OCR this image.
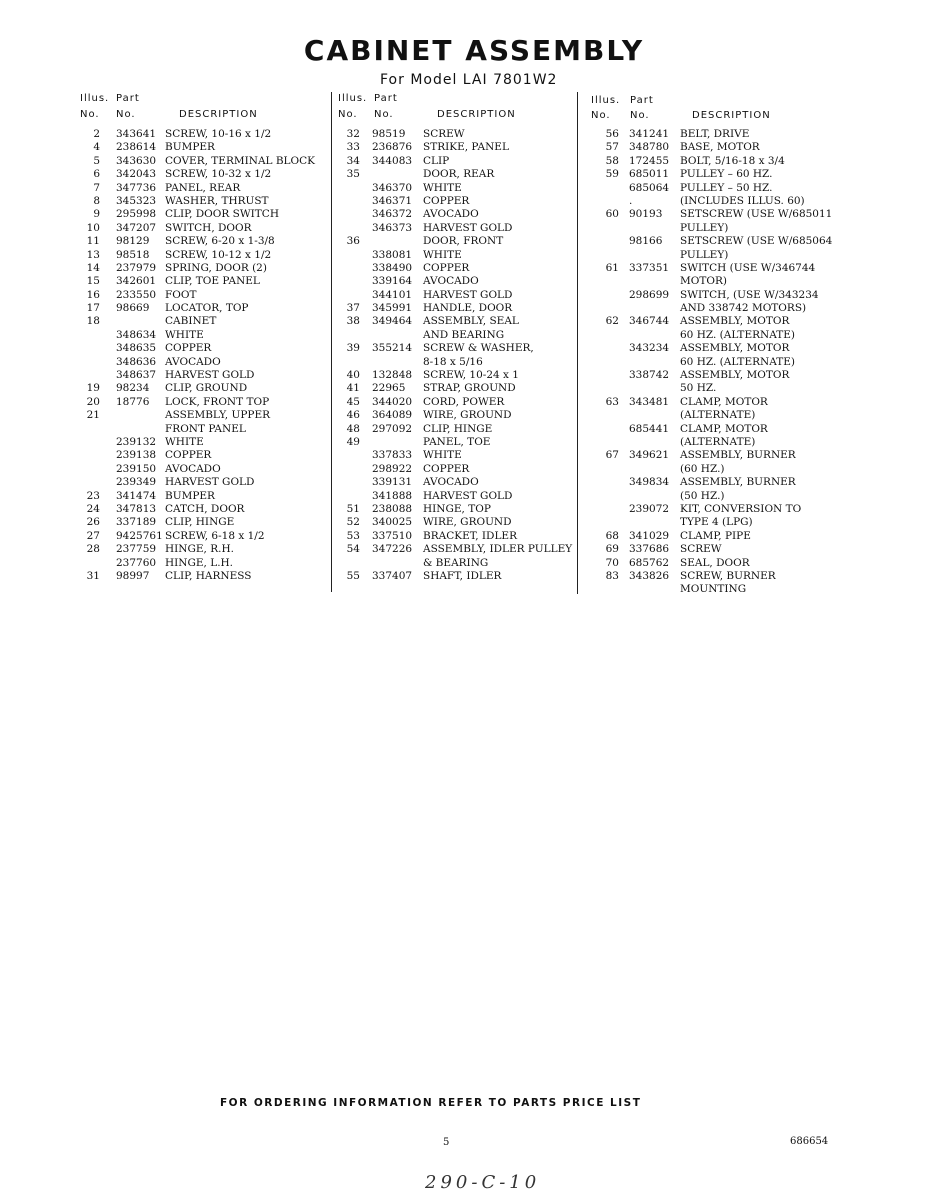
CABINET ASSEMBLY
For Model LAI 7801W2
Illus.
No.
Part
No.	DESCRIPTION
2 343641 SCREW, 10-16 x 1/2
4 238614 BUMPER
5 343630 COVER, TERMINAL BLOCK
6 342043 SCREW, 10-32 x 1/2
7 347736 PANEL, REAR
8 345323 WASHER, THRUST
9 295998 CLIP, DOOR SWITCH
10 347207 SWITCH, DOOR
11 98129 SCREW, 6-20 x 1-3/8
13 98518 SCREW, 10-12 x 1/2
14 237979 SPRING, DOOR (2)
15 342601 CLIP, TOE PANEL
16 233550 FOOT
17 98669 LOCATOR, TOP
18	CABINET
348634 WHITE
348635 COPPER
348636 AVOCADO
348637 HARVEST GOLD
19 98234 CLIP, GROUND
20 18776 LOCK, FRONT TOP
21	ASSEMBLY, UPPER
FRONT PANEL
239132 WHITE
239138 COPPER
239150 AVOCADO
239349 HARVEST GOLD
23 341474 BUMPER
24 347813 CATCH, DOOR
26 337189 CLIP, HINGE
27 9425761 SCREW, 6-18 x 1/2
28 237759 HINGE, R.H.
237760 HINGE, L.H.
31 98997 CLIP, HARNESS
Illus.
No.
Part
No.	DESCRIPTION
32 98519 SCREW
33 236876 STRIKE, PANEL
34 344083 CLIP
35	DOOR, REAR
346370 WHITE
346371 COPPER
346372 AVOCADO
346373 HARVEST GOLD
36	DOOR, FRONT
338081 WHITE
338490 COPPER
339164 AVOCADO
344101 HARVEST GOLD
37 345991 HANDLE, DOOR
38 349464 ASSEMBLY, SEAL
AND BEARING
39 355214 SCREW & WASHER,
8-18 x 5/16
40 132848 SCREW, 10-24 x 1
41 22965 STRAP, GROUND
45 344020 CORD, POWER
46 364089 WIRE, GROUND
48 297092 CLIP, HINGE
49	PANEL, TOE
337833 WHITE
298922 COPPER
339131 AVOCADO
341888 HARVEST GOLD
51 238088 HINGE, TOP
52 340025 WIRE, GROUND
53 337510 BRACKET, IDLER
54 347226 ASSEMBLY, IDLER PULLEY
& BEARING
55 337407 SHAFT, IDLER
Illus.
No.
Part
No.	DESCRIPTION
56 341241 BELT, DRIVE
57 348780 BASE, MOTOR
58 172455 BOLT, 5/16-18 x 3/4
59 685011 PULLEY – 60 HZ.
685064 PULLEY – 50 HZ.
.	(INCLUDES ILLUS. 60)
60 90193 SETSCREW (USE W/685011
PULLEY)
98166 SETSCREW (USE W/685064
PULLEY)
61 337351 SWITCH (USE W/346744
MOTOR)
298699 SWITCH, (USE W/343234
AND 338742 MOTORS)
62 346744 ASSEMBLY, MOTOR
60 HZ. (ALTERNATE)
343234 ASSEMBLY, MOTOR
60 HZ. (ALTERNATE)
338742 ASSEMBLY, MOTOR
50 HZ.
63 343481 CLAMP, MOTOR
(ALTERNATE)
685441 CLAMP, MOTOR
(ALTERNATE)
67 349621 ASSEMBLY, BURNER
(60 HZ.)
349834 ASSEMBLY, BURNER
(50 HZ.)
239072 KIT, CONVERSION TO
TYPE 4 (LPG)
68 341029 CLAMP, PIPE
69 337686 SCREW
70 685762 SEAL, DOOR
83 343826 SCREW, BURNER
MOUNTING
FOR ORDERING INFORMATION REFER TO PARTS PRICE LIST
5	686654
290-C-10
